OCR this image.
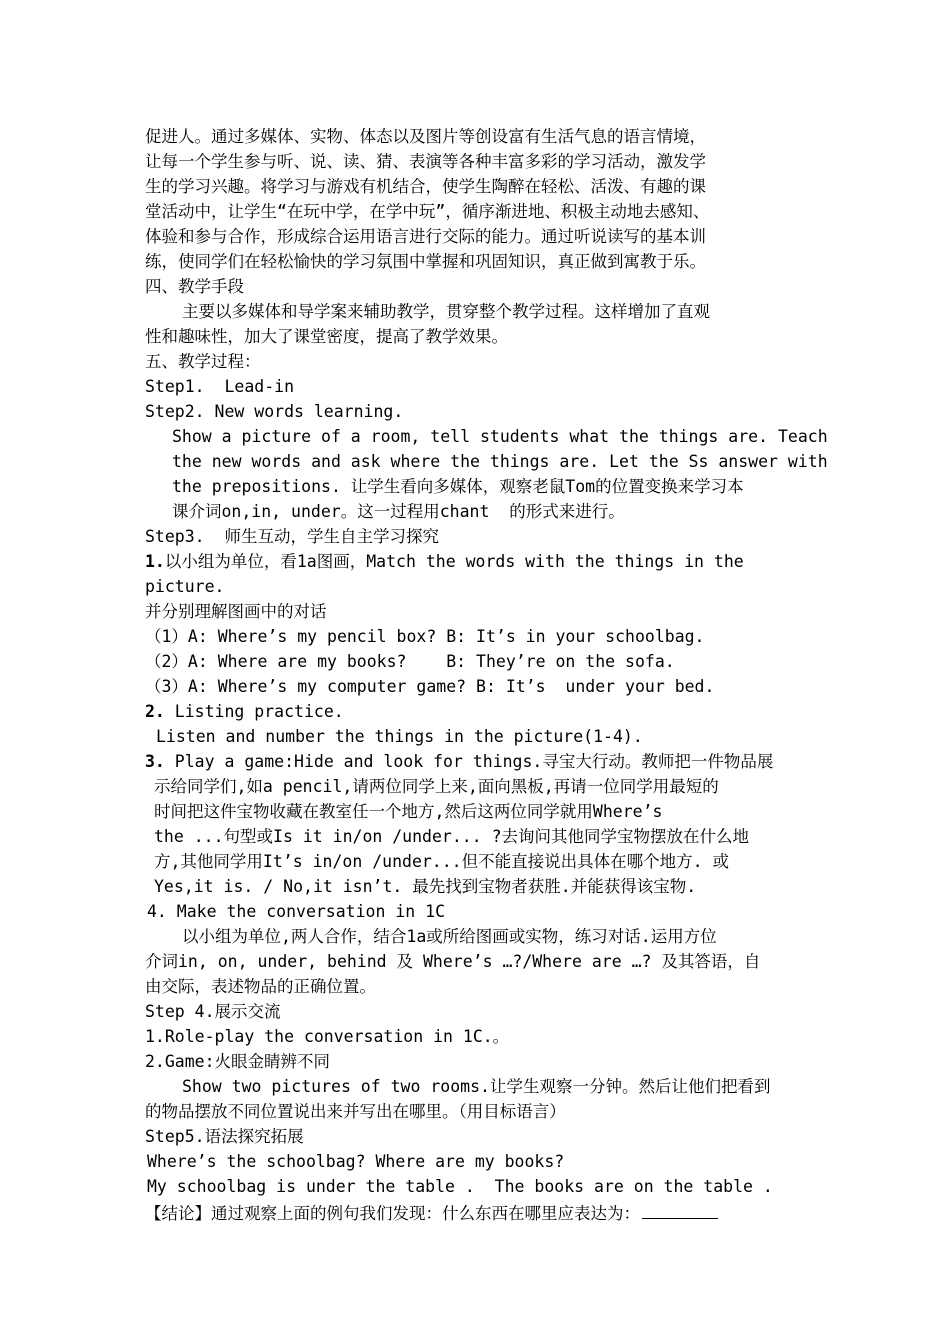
促进人。通过多媒体、实物、体态以及图片等创设富有生活气息的语言情境，
让每一个学生参与听、说、读、猜、表演等各种丰富多彩的学习活动，激发学
生的学习兴趣。将学习与游戏有机结合，使学生陶醉在轻松、活泼、有趣的课
堂活动中，让学生“在玩中学，在学中玩”，循序渐进地、积极主动地去感知、
体验和参与合作，形成综合运用语言进行交际的能力。通过听说读写的基本训
练，使同学们在轻松愉快的学习氛围中掌握和巩固知识，真正做到寓教于乐。
四、教学手段
主要以多媒体和导学案来辅助教学，贯穿整个教学过程。这样增加了直观
性和趣味性，加大了课堂密度，提高了教学效果。
五、教学过程：
Step1.  Lead-in
Step2. New words learning.
Show a picture of a room, tell students what the things are. Teach
the new words and ask where the things are. Let the Ss answer with
the prepositions. 让学生看向多媒体，观察老鼠Tom的位置变换来学习本
课介词on,in, under。这一过程用chant  的形式来进行。
Step3.  师生互动，学生自主学习探究
1.以小组为单位，看1a图画，Match the words with the things in the
picture.
并分别理解图画中的对话
（1）A: Where’s my pencil box? B: It’s in your schoolbag.
（2）A: Where are my books?    B: They’re on the sofa.
（3）A: Where’s my computer game? B: It’s  under your bed.
2. Listing practice.
Listen and number the things in the picture(1-4).
3. Play a game:Hide and look for things.寻宝大行动。教师把一件物品展
示给同学们,如a pencil,请两位同学上来,面向黑板,再请一位同学用最短的
时间把这件宝物收藏在教室任一个地方,然后这两位同学就用Where’s
the ...句型或Is it in/on /under... ?去询问其他同学宝物摆放在什么地
方,其他同学用It’s in/on /under...但不能直接说出具体在哪个地方. 或
Yes,it is. / No,it isn’t. 最先找到宝物者获胜.并能获得该宝物.
4. Make the conversation in 1C
以小组为单位,两人合作，结合1a或所给图画或实物，练习对话.运用方位
介词in, on, under, behind 及 Where’s …?/Where are …? 及其答语，自
由交际，表述物品的正确位置。
Step 4.展示交流
1.Role-play the conversation in 1C.。
2.Game:火眼金睛辨不同
Show two pictures of two rooms.让学生观察一分钟。然后让他们把看到
的物品摆放不同位置说出来并写出在哪里。（用目标语言）
Step5.语法探究拓展
Where’s the schoolbag? Where are my books?
My schoolbag is under the table .  The books are on the table .
【结论】通过观察上面的例句我们发现：什么东西在哪里应表达为：
